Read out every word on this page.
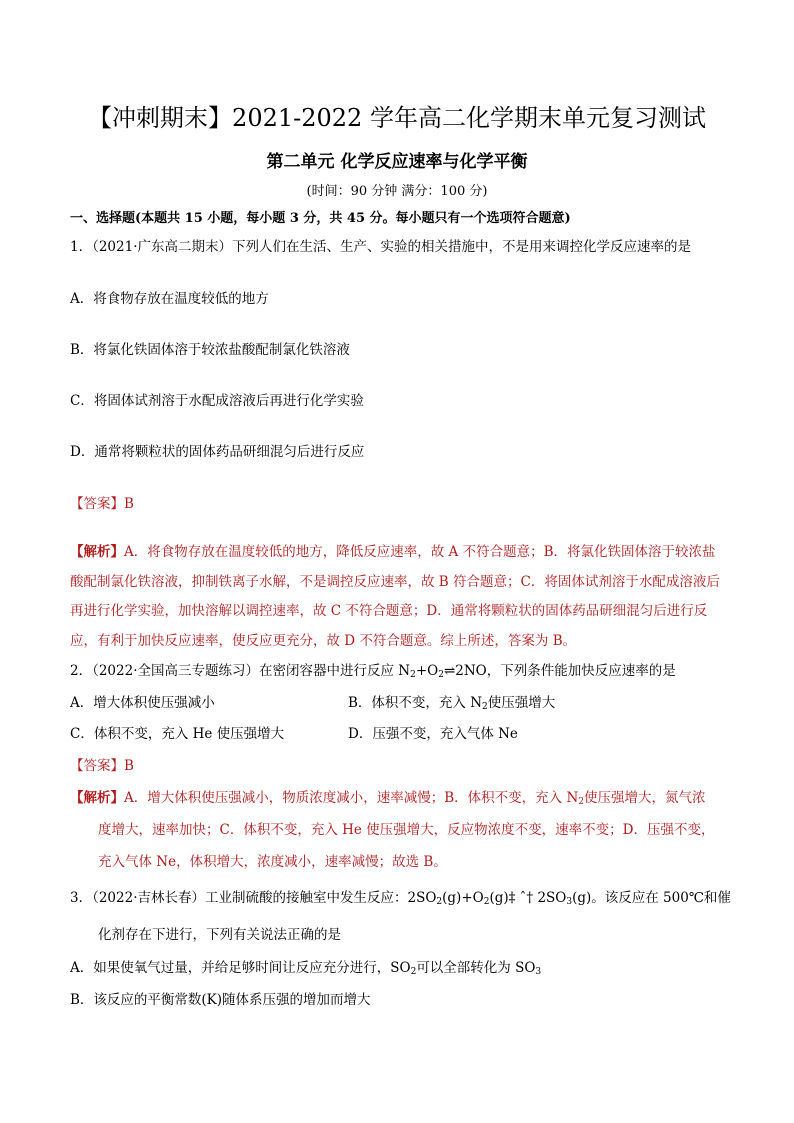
【冲刺期末】2021-2022 学年高二化学期末单元复习测试
第二单元 化学反应速率与化学平衡
(时间：90 分钟 满分：100 分)
一、选择题(本题共 15 小题，每小题 3 分，共 45 分。每小题只有一个选项符合题意)
1．（2021·广东高二期末）下列人们在生活、生产、实验的相关措施中，不是用来调控化学反应速率的是
A．将食物存放在温度较低的地方
B．将氯化铁固体溶于较浓盐酸配制氯化铁溶液
C．将固体试剂溶于水配成溶液后再进行化学实验
D．通常将颗粒状的固体药品研细混匀后进行反应
【答案】B
【解析】A．将食物存放在温度较低的地方，降低反应速率，故 A 不符合题意；B．将氯化铁固体溶于较浓盐酸配制氯化铁溶液，抑制铁离子水解，不是调控反应速率，故 B 符合题意；C．将固体试剂溶于水配成溶液后再进行化学实验，加快溶解以调控速率，故 C 不符合题意；D．通常将颗粒状的固体药品研细混匀后进行反应，有利于加快反应速率，使反应更充分，故 D 不符合题意。综上所述，答案为 B。
2．（2022·全国高三专题练习）在密闭容器中进行反应 $N_2+O_2\rightleftharpoons 2NO$，下列条件能加快反应速率的是
A．增大体积使压强减小	B．体积不变，充入 $N_2$使压强增大
C．体积不变，充入 He 使压强增大	D．压强不变，充入气体 Ne
【答案】B
【解析】A．增大体积使压强减小，物质浓度减小，速率减慢；B．体积不变，充入 $N_2$使压强增大，氮气浓
度增大，速率加快；C．体积不变，充入 He 使压强增大，反应物浓度不变，速率不变；D．压强不变，
充入气体 Ne，体积增大，浓度减小，速率减慢；故选 B。
3．（2022·吉林长春）工业制硫酸的接触室中发生反应：$2SO_2(g)+O_2(g)\ddagger$ ˆ† $2SO_3(g)$。该反应在 500℃和催
化剂存在下进行，下列有关说法正确的是
A．如果使氧气过量，并给足够时间让反应充分进行，$SO_2$可以全部转化为 $SO_3$
B．该反应的平衡常数(K)随体系压强的增加而增大
